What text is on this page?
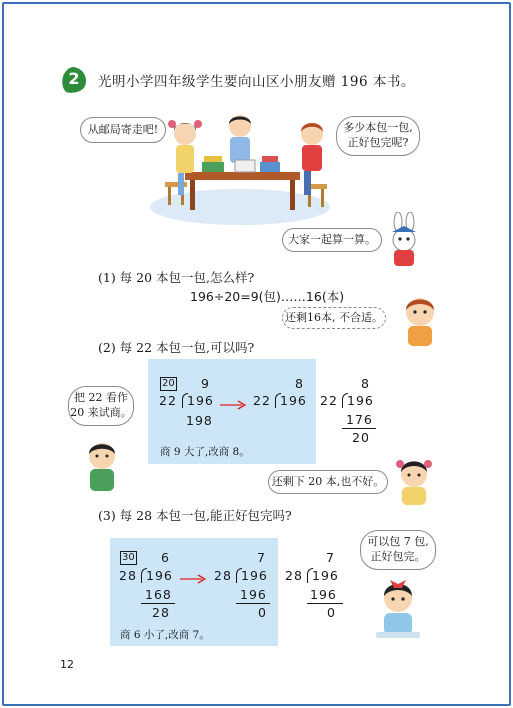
2	光明小学四年级学生要向山区小朋友赠 196 本书。
从邮局寄走吧!	多少本包一包,
正好包完呢?
大家一起算一算。
(1) 每 20 本包一包,怎么样?
196÷20=9(包)……16(本)
还剩16本, 不合适。
(2) 每 22 本包一包,可以吗?
把 22 看作
20 来试商。
20 9
22 196
198
8
22 196
商 9 大了,改商 8。
8
22 196
176
20
还剩下 20 本,也不好。
(3) 每 28 本包一包,能正好包完吗?
30 6
28 196
168
28
7
28 196
196
0
商 6 小了,改商 7。
7
28 196
196
0
可以包 7 包,
正好包完。
12
